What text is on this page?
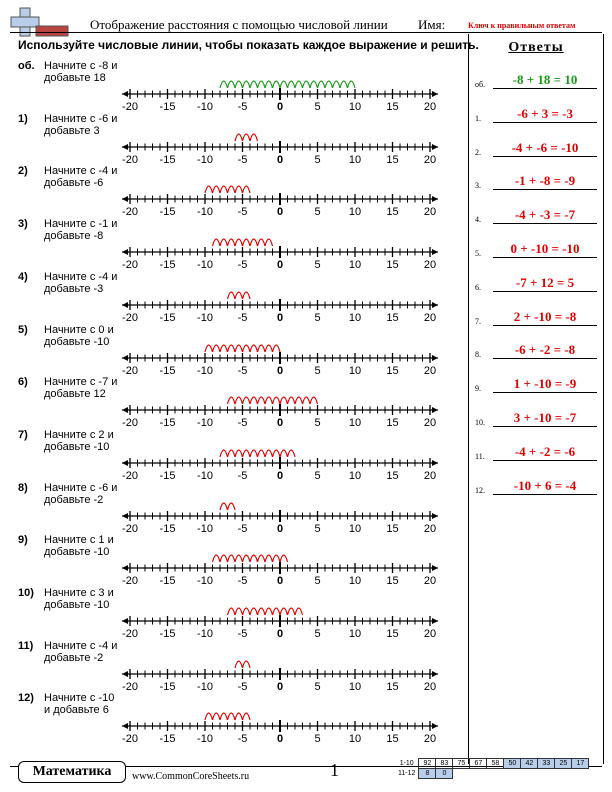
Отображение расстояния с помощью числовой линии Имя:	Ключ к правильным ответам
Используйте числовые линии, чтобы показать каждое выражение и решить.
об. Начните с -8 и добавьте 18
-20 -15 -10 -5	0	5	10 15 20
1) Начните с -6 и добавьте 3
-20 -15 -10 -5	0	5	10 15 20
2) Начните с -4 и добавьте -6
-20 -15 -10 -5	0	5	10 15 20
3) Начните с -1 и добавьте -8
-20 -15 -10 -5	0	5	10 15 20
4) Начните с -4 и добавьте -3
-20 -15 -10 -5	0	5	10 15 20
5) Начните с 0 и добавьте -10
-20 -15 -10 -5	0	5	10 15 20
6) Начните с -7 и добавьте 12
-20 -15 -10 -5	0	5	10 15 20
7) Начните с 2 и добавьте -10
-20 -15 -10 -5	0	5	10 15 20
8) Начните с -6 и добавьте -2
-20 -15 -10 -5	0	5	10 15 20
9) Начните с 1 и добавьте -10
-20 -15 -10 -5	0	5	10 15 20
10) Начните с 3 и добавьте -10
-20 -15 -10 -5	0	5	10 15 20
11) Начните с -4 и добавьте -2
-20 -15 -10 -5	0	5	10 15 20
12) Начните с -10 и добавьте 6
-20 -15 -10 -5	0	5	10 15 20
Ответы
об.	-8 + 18 = 10
1.	-6 + 3 = -3
2.	-4 + -6 = -10
3.	-1 + -8 = -9
4.	-4 + -3 = -7
5.	0 + -10 = -10
6.	-7 + 12 = 5
7.	2 + -10 = -8
8.	-6 + -2 = -8
9.	1 + -10 = -9
10.	3 + -10 = -7
11.	-4 + -2 = -6
12.	-10 + 6 = -4
Математика	www.CommonCoreSheets.ru	1	1-10	92	83	75	67	58	50	42	33	25	17
11-12	8	0								
